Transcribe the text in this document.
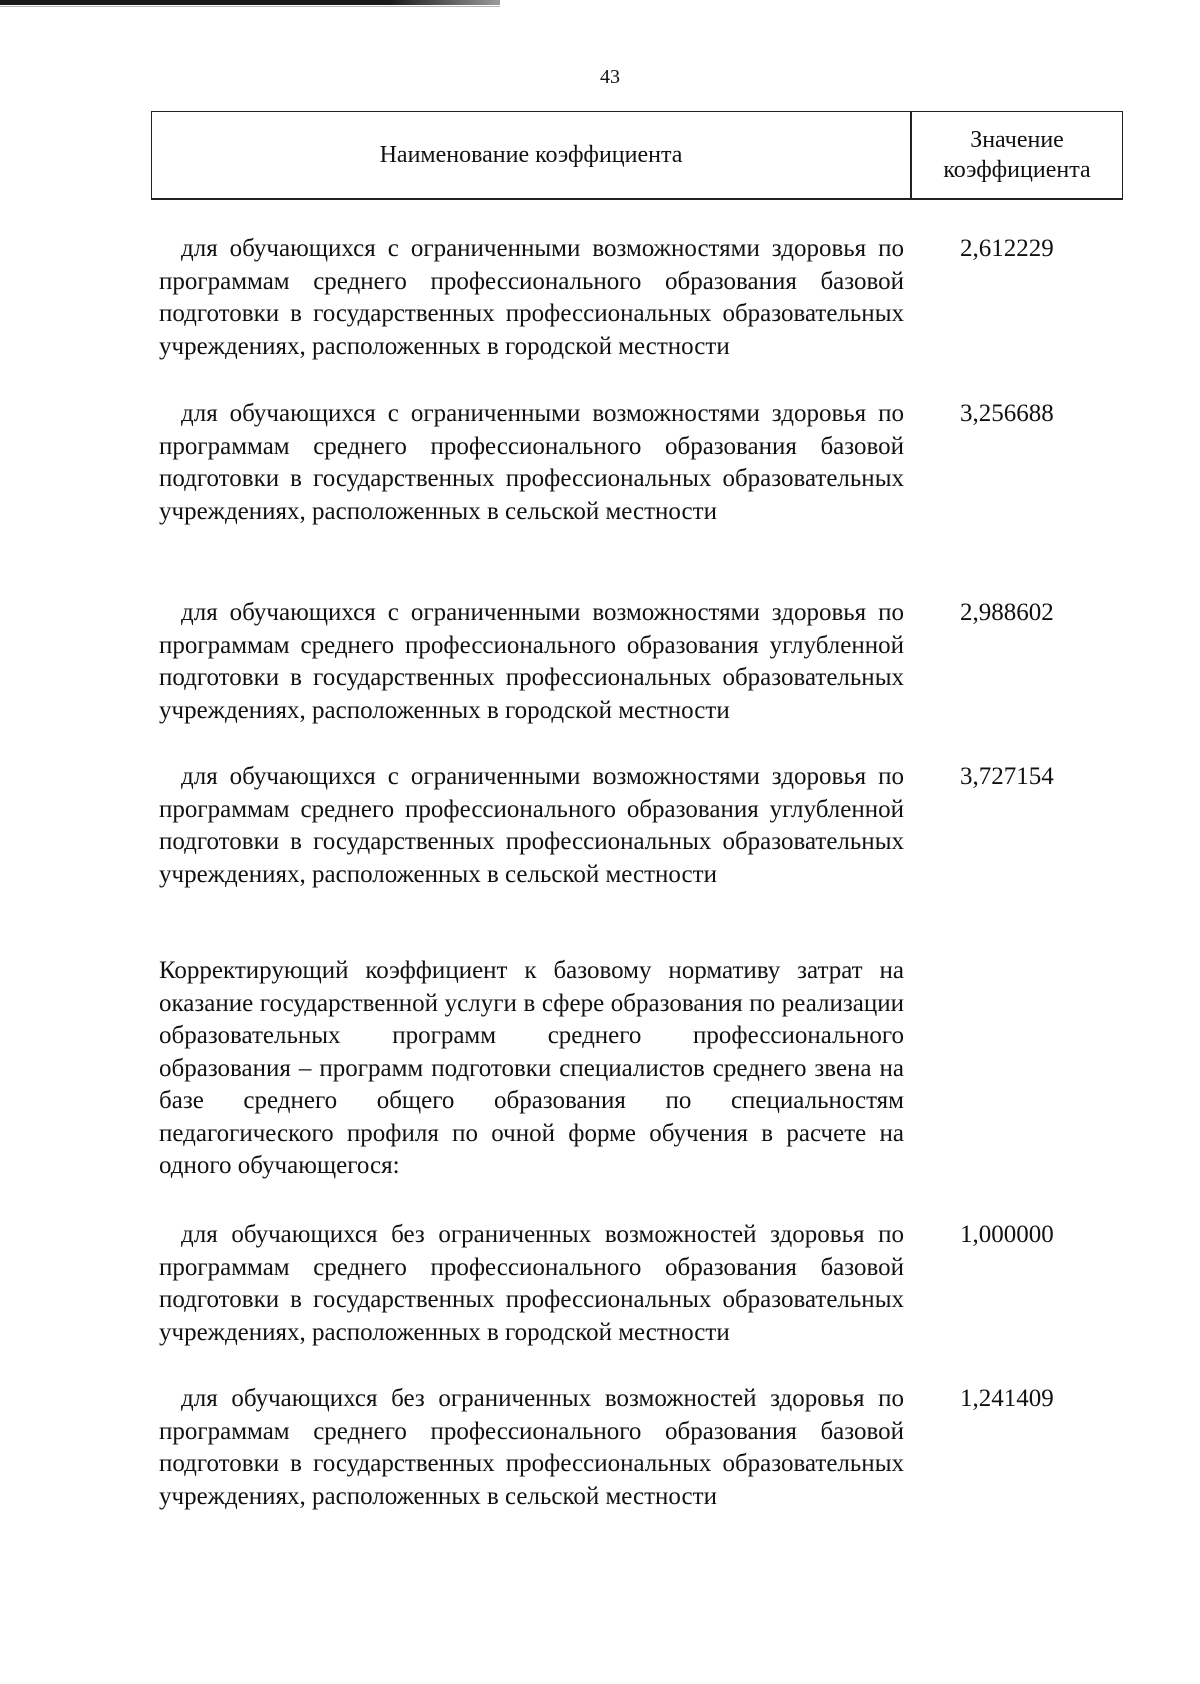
43
Наименование коэффициента
Значение
коэффициента

для обучающихся с ограниченными возможностями здоровья по программам среднего профессионального образования базовой подготовки в государственных профессиональных образовательных учреждениях, расположенных в городской местности

2,612229

для обучающихся с ограниченными возможностями здоровья по программам среднего профессионального образования базовой подготовки в государственных профессиональных образовательных учреждениях, расположенных в сельской местности

3,256688

для обучающихся с ограниченными возможностями здоровья по программам среднего профессионального образования углубленной подготовки в государственных профессиональных образовательных учреждениях, расположенных в городской местности

2,988602

для обучающихся с ограниченными возможностями здоровья по программам среднего профессионального образования углубленной подготовки в государственных профессиональных образовательных учреждениях, расположенных в сельской местности

3,727154

Корректирующий коэффициент к базовому нормативу затрат на оказание государственной услуги в сфере образования по реализации образовательных программ среднего профессионального образования – программ подготовки специалистов среднего звена на базе среднего общего образования по специальностям педагогического профиля по очной форме обучения в расчете на одного обучающегося:

для обучающихся без ограниченных возможностей здоровья по программам среднего профессионального образования базовой подготовки в государственных профессиональных образовательных учреждениях, расположенных в городской местности

1,000000

для обучающихся без ограниченных возможностей здоровья по программам среднего профессионального образования базовой подготовки в государственных профессиональных образовательных учреждениях, расположенных в сельской местности

1,241409
